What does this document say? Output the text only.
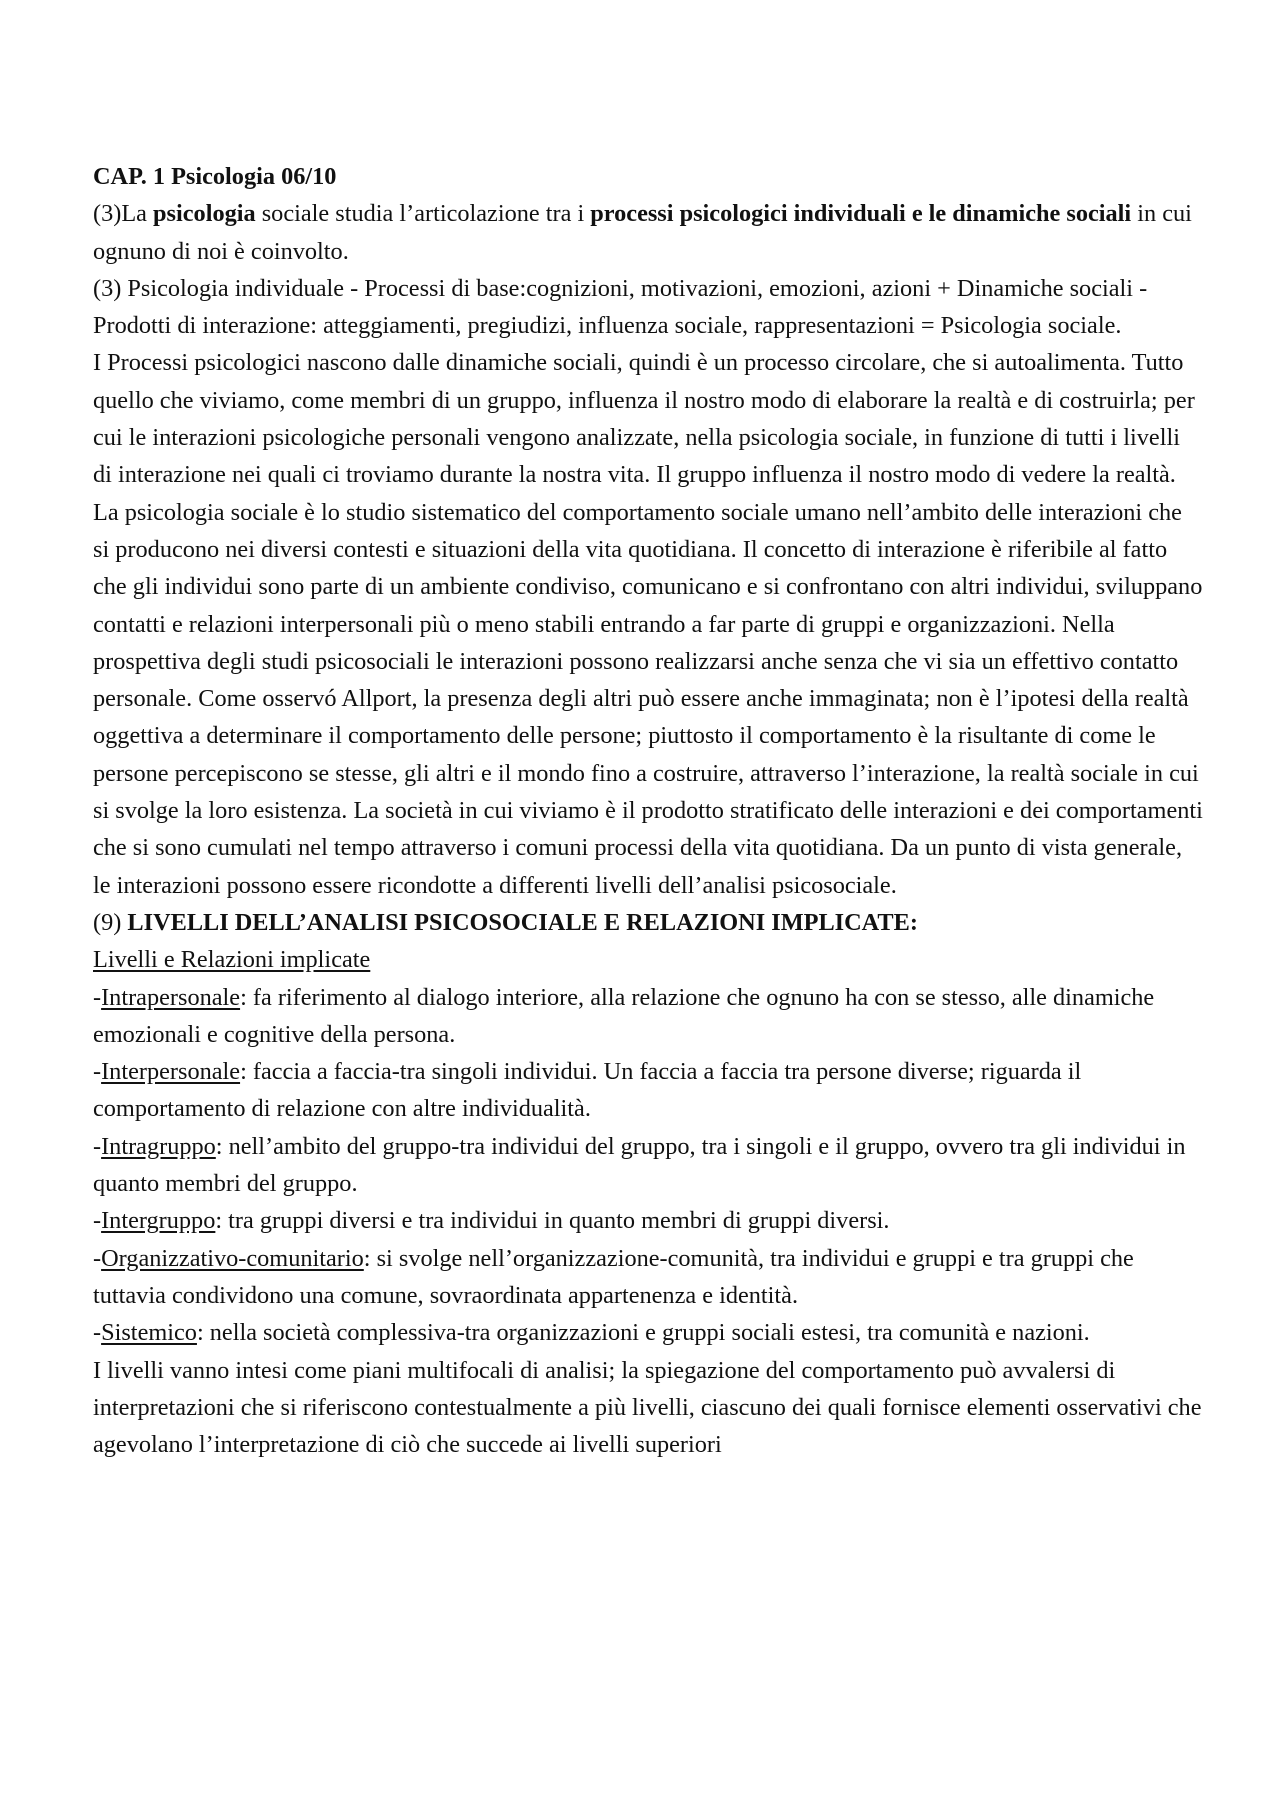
CAP. 1 Psicologia 06/10

(3)La psicologia sociale studia l’articolazione tra i processi psicologici individuali e le dinamiche sociali in cui ognuno di noi è coinvolto.

(3) Psicologia individuale - Processi di base:cognizioni, motivazioni, emozioni, azioni + Dinamiche sociali - Prodotti di interazione: atteggiamenti, pregiudizi, influenza sociale, rappresentazioni = Psicologia sociale.

I Processi psicologici nascono dalle dinamiche sociali, quindi è un processo circolare, che si autoalimenta. Tutto quello che viviamo, come membri di un gruppo, influenza il nostro modo di elaborare la realtà e di costruirla; per cui le interazioni psicologiche personali vengono analizzate, nella psicologia sociale, in funzione di tutti i livelli di interazione nei quali ci troviamo durante la nostra vita. Il gruppo influenza il nostro modo di vedere la realtà.

La psicologia sociale è lo studio sistematico del comportamento sociale umano nell’ambito delle interazioni che si producono nei diversi contesti e situazioni della vita quotidiana. Il concetto di interazione è riferibile al fatto che gli individui sono parte di un ambiente condiviso, comunicano e si confrontano con altri individui, sviluppano contatti e relazioni interpersonali più o meno stabili entrando a far parte di gruppi e organizzazioni. Nella prospettiva degli studi psicosociali le interazioni possono realizzarsi anche senza che vi sia un effettivo contatto personale. Come osservó Allport, la presenza degli altri può essere anche immaginata; non è l’ipotesi della realtà oggettiva a determinare il comportamento delle persone; piuttosto il comportamento è la risultante di come le persone percepiscono se stesse, gli altri e il mondo fino a costruire, attraverso l’interazione, la realtà sociale in cui si svolge la loro esistenza. La società in cui viviamo è il prodotto stratificato delle interazioni e dei comportamenti che si sono cumulati nel tempo attraverso i comuni processi della vita quotidiana. Da un punto di vista generale, le interazioni possono essere ricondotte a differenti livelli dell’analisi psicosociale.

(9) LIVELLI DELL’ANALISI PSICOSOCIALE E RELAZIONI IMPLICATE:

Livelli e Relazioni implicate

-Intrapersonale: fa riferimento al dialogo interiore, alla relazione che ognuno ha con se stesso, alle dinamiche emozionali e cognitive della persona.

-Interpersonale: faccia a faccia-tra singoli individui. Un faccia a faccia tra persone diverse; riguarda il comportamento di relazione con altre individualità.

-Intragruppo: nell’ambito del gruppo-tra individui del gruppo, tra i singoli e il gruppo, ovvero tra gli individui in quanto membri del gruppo.

-Intergruppo: tra gruppi diversi e tra individui in quanto membri di gruppi diversi.

-Organizzativo-comunitario: si svolge nell’organizzazione-comunità, tra individui e gruppi e tra gruppi che tuttavia condividono una comune, sovraordinata appartenenza e identità.

-Sistemico: nella società complessiva-tra organizzazioni e gruppi sociali estesi, tra comunità e nazioni.

I livelli vanno intesi come piani multifocali di analisi; la spiegazione del comportamento può avvalersi di interpretazioni che si riferiscono contestualmente a più livelli, ciascuno dei quali fornisce elementi osservativi che agevolano l’interpretazione di ciò che succede ai livelli superiori
